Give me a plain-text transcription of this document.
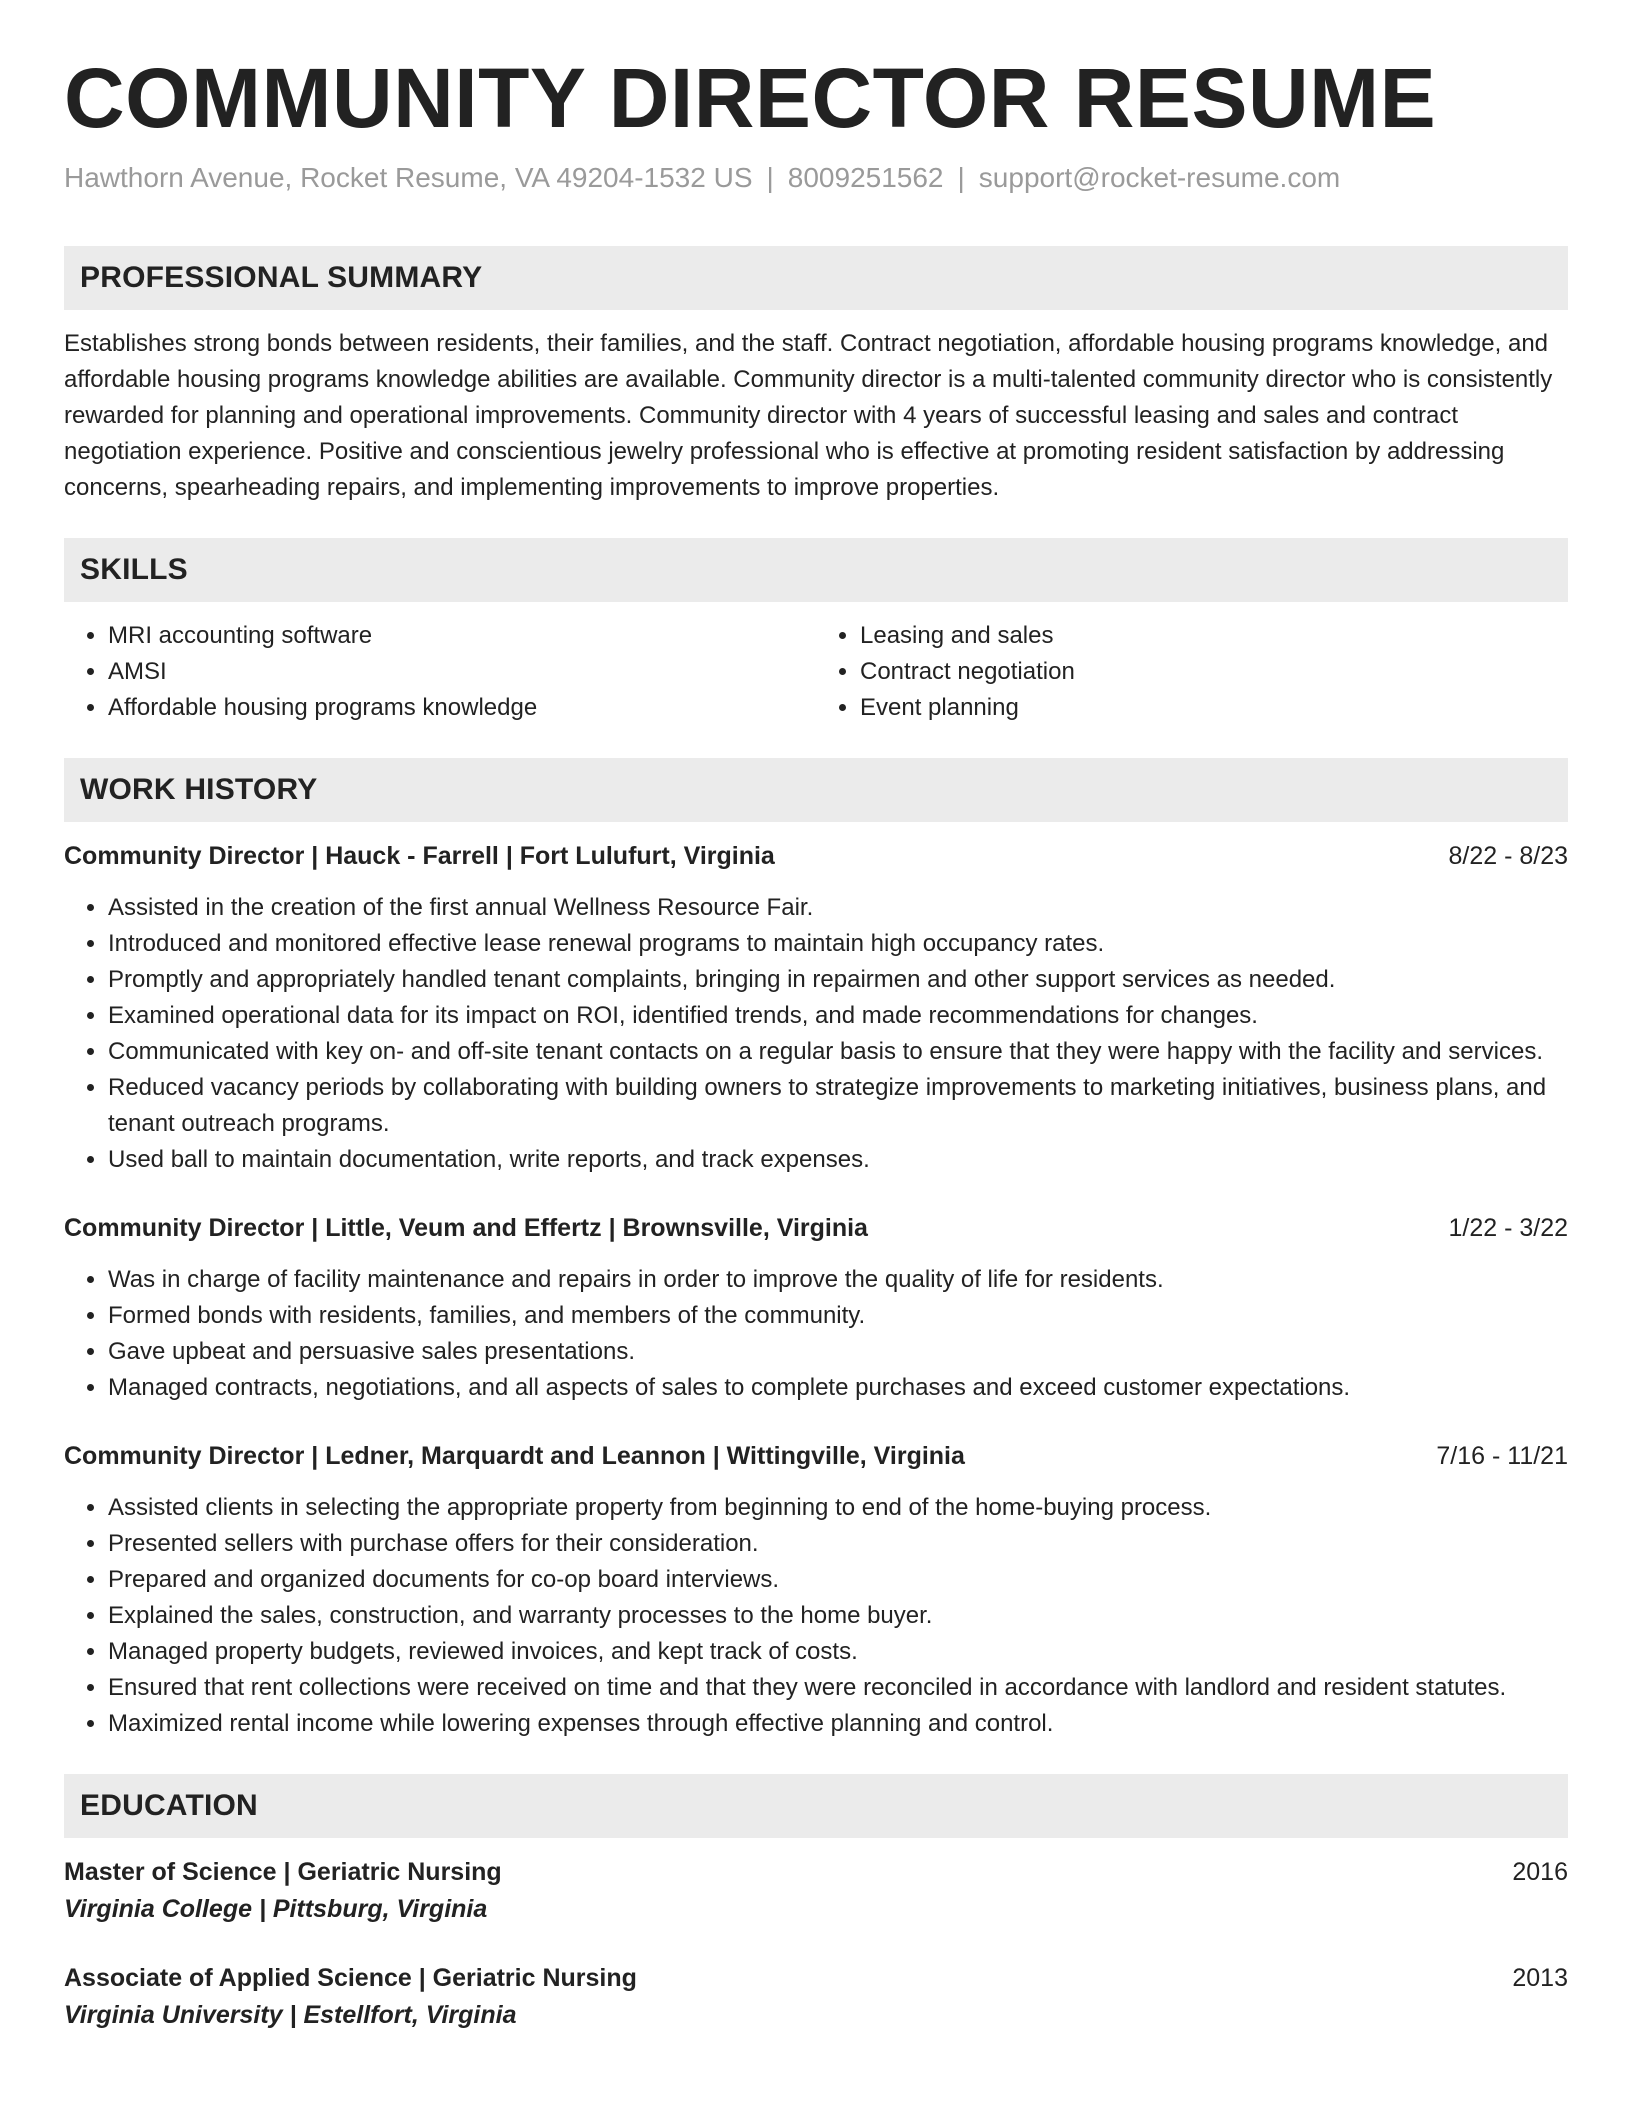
COMMUNITY DIRECTOR RESUME
Hawthorn Avenue, Rocket Resume, VA 49204-1532 US | 8009251562 | support@rocket-resume.com
PROFESSIONAL SUMMARY
Establishes strong bonds between residents, their families, and the staff. Contract negotiation, affordable housing programs knowledge, and affordable housing programs knowledge abilities are available. Community director is a multi-talented community director who is consistently rewarded for planning and operational improvements. Community director with 4 years of successful leasing and sales and contract negotiation experience. Positive and conscientious jewelry professional who is effective at promoting resident satisfaction by addressing concerns, spearheading repairs, and implementing improvements to improve properties.
SKILLS
• MRI accounting software
• AMSI
• Affordable housing programs knowledge
• Leasing and sales
• Contract negotiation
• Event planning
WORK HISTORY
Community Director | Hauck - Farrell | Fort Lulufurt, Virginia	8/22 - 8/23
• Assisted in the creation of the first annual Wellness Resource Fair.
• Introduced and monitored effective lease renewal programs to maintain high occupancy rates.
• Promptly and appropriately handled tenant complaints, bringing in repairmen and other support services as needed.
• Examined operational data for its impact on ROI, identified trends, and made recommendations for changes.
• Communicated with key on- and off-site tenant contacts on a regular basis to ensure that they were happy with the facility and services.
• Reduced vacancy periods by collaborating with building owners to strategize improvements to marketing initiatives, business plans, and tenant outreach programs.
• Used ball to maintain documentation, write reports, and track expenses.
Community Director | Little, Veum and Effertz | Brownsville, Virginia	1/22 - 3/22
• Was in charge of facility maintenance and repairs in order to improve the quality of life for residents.
• Formed bonds with residents, families, and members of the community.
• Gave upbeat and persuasive sales presentations.
• Managed contracts, negotiations, and all aspects of sales to complete purchases and exceed customer expectations.
Community Director | Ledner, Marquardt and Leannon | Wittingville, Virginia	7/16 - 11/21
• Assisted clients in selecting the appropriate property from beginning to end of the home-buying process.
• Presented sellers with purchase offers for their consideration.
• Prepared and organized documents for co-op board interviews.
• Explained the sales, construction, and warranty processes to the home buyer.
• Managed property budgets, reviewed invoices, and kept track of costs.
• Ensured that rent collections were received on time and that they were reconciled in accordance with landlord and resident statutes.
• Maximized rental income while lowering expenses through effective planning and control.
EDUCATION
Master of Science | Geriatric Nursing	2016
Virginia College | Pittsburg, Virginia
Associate of Applied Science | Geriatric Nursing	2013
Virginia University | Estellfort, Virginia
